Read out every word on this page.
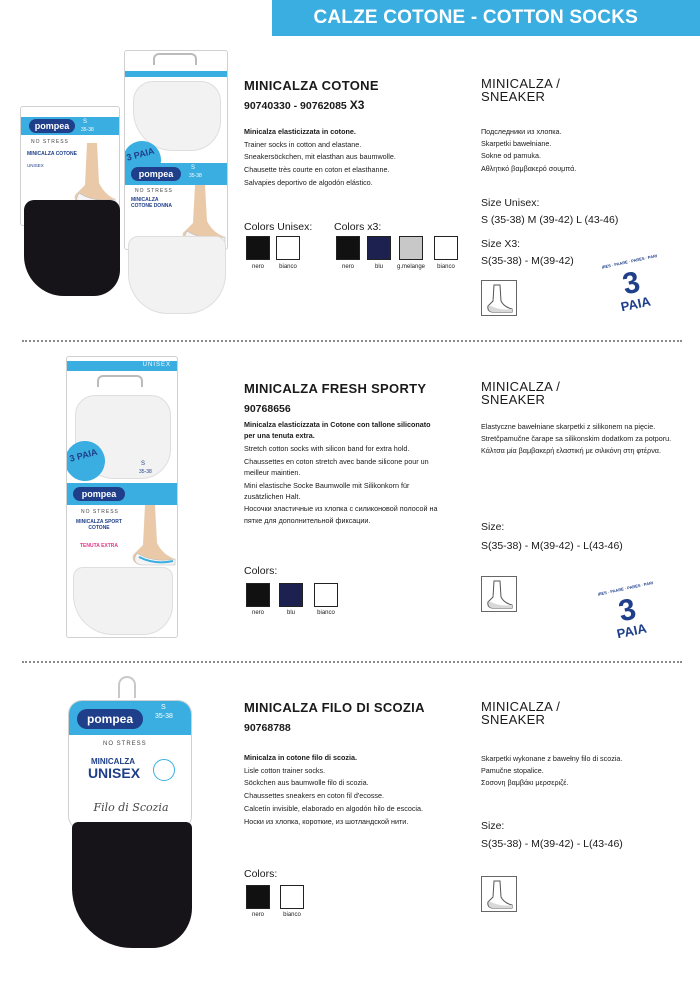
CALZE COTONE - COTTON SOCKS
pompea
NO STRESS
MINICALZA COTONE
UNISEX
S
35-38
3 PAIA
pompea
S
35-38
NO STRESS
MINICALZA COTONE DONNA
MINICALZA COTONE
90740330 - 90762085 X3

Minicalza elasticizzata in cotone.

Trainer socks in cotton and elastane.

Sneakersöckchen, mit elasthan aus baumwolle.

Chausette très courte en coton et elasthanne.

Salvapies deportivo de algodón elástico.

Colors Unisex: Colors x3:
nero	bianco	nero	blu	g.melange	bianco
MINICALZA /
SNEAKER

Подследники из хлопка.

Skarpetki bawełniane.

Sokne od pamuka.

Αθλητικό βαμβακερό σουμπά.

Size Unisex:
S (35-38) M (39-42) L (43-46)
Size X3:
S(35-38) - M(39-42)
3
PAIA
PAIRES · PAARE · PARES · PARI
UNISEX
3 PAIA
pompea
S
35-38
NO STRESS
MINICALZA SPORT COTONE
TENUTA EXTRA
MINICALZA FRESH SPORTY
90768656

Minicalza elasticizzata in Cotone con tallone siliconato per una tenuta extra.

Stretch cotton socks with silicon band for extra hold.

Chaussettes en coton stretch avec bande silicone pour un meilleur maintien.

Mini elastische Socke Baumwolle mit Silikonkorn für zusätzlichen Halt.

Носочки эластичные из хлопка с силиконовой полосой на пятке для дополнительной фиксации.

Colors:
nero	blu	bianco
MINICALZA /
SNEAKER

Elastyczne bawełniane skarpetki z silikonem na pięcie.

Stretčpamučne čarape sa silikonskim dodatkom za potporu.

Κάλτσα μία βαμβακερή ελαστική με σιλικόνη στη φτέρνα.

Size:
S(35-38) - M(39-42) - L(43-46)
3
PAIA
PAIRES · PAARE · PARES · PARI
pompea
S
35-38
NO STRESS
MINICALZA
UNISEX
Filo di Scozia
MINICALZA FILO DI SCOZIA
90768788

Minicalza in cotone filo di scozia.

Lisle cotton trainer socks.

Söckchen aus baumwolle filo di scozia.

Chaussettes sneakers en coton fil d'ecosse.

Calcetín invisible, elaborado en algodón hilo de escocia.

Носки из хлопка, короткие, из шотландской нити.

Colors:
nero	bianco
MINICALZA /
SNEAKER

Skarpetki wykonane z bawełny filo di scozia.

Pamučne stopalice.

Σοσονη βαμβάκι μερσεριζέ.

Size:
S(35-38) - M(39-42) - L(43-46)
